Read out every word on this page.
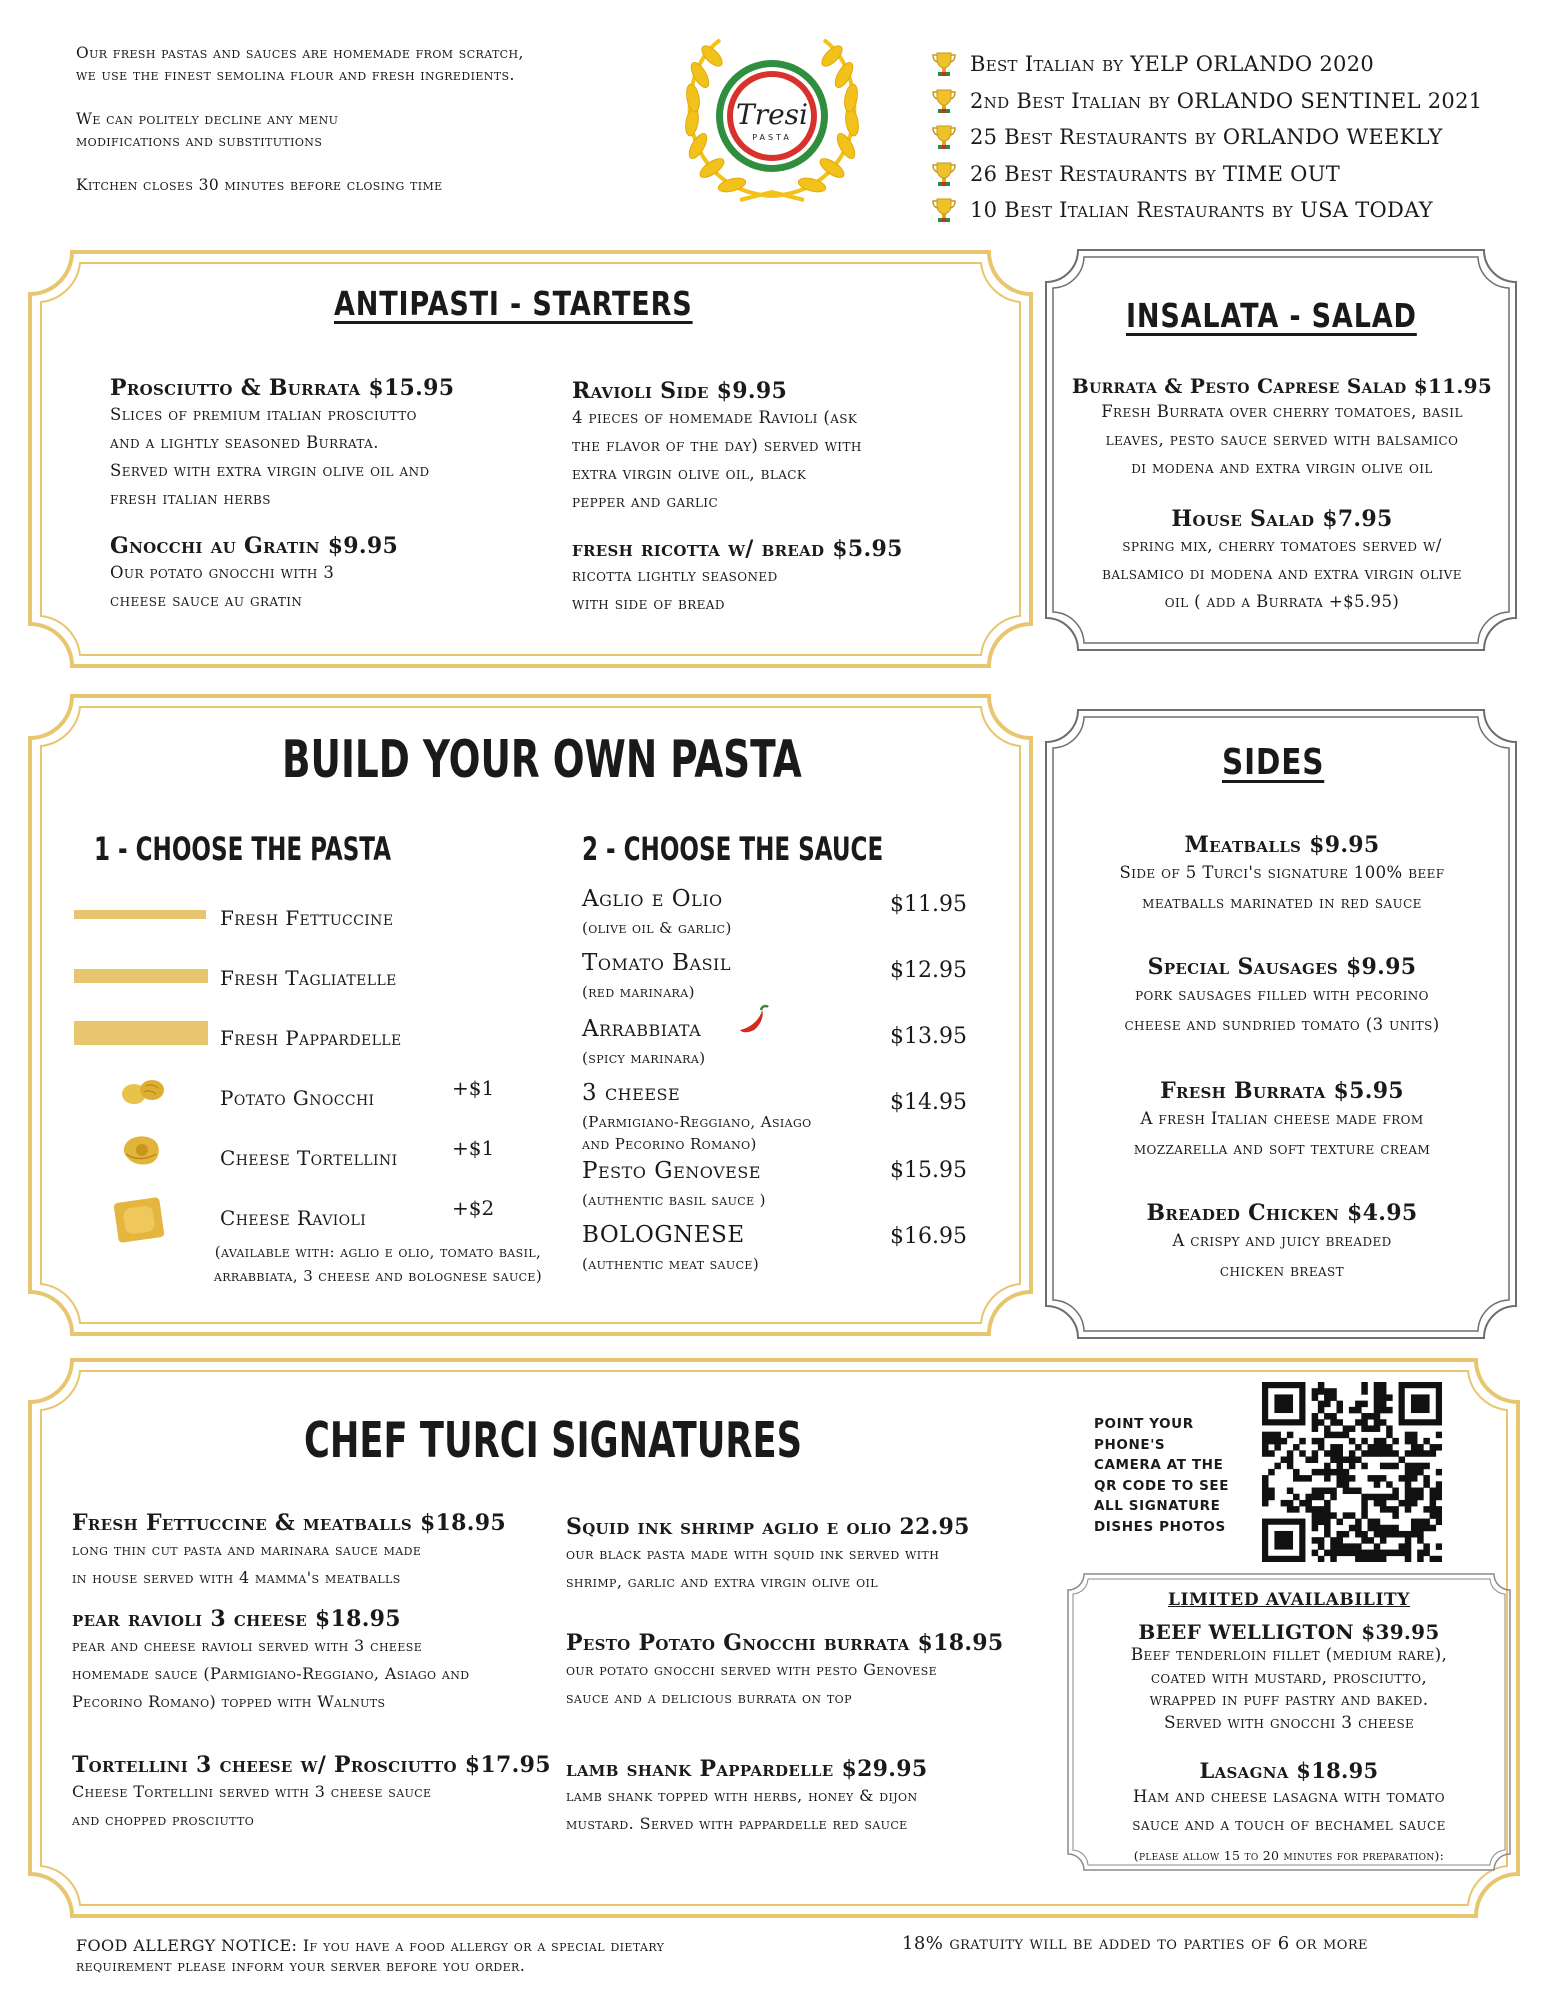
Our fresh pastas and sauces are homemade from scratch,
we use the finest semolina flour and fresh ingredients.
We can politely decline any menu
modifications and substitutions
Kitchen closes 30 minutes before closing time
Tresi
PASTA
Best Italian by YELP ORLANDO 2020
2nd Best Italian by ORLANDO SENTINEL 2021
25 Best Restaurants by ORLANDO WEEKLY
26 Best Restaurants by TIME OUT
10 Best Italian Restaurants by USA TODAY
ANTIPASTI - STARTERS
Prosciutto & Burrata $15.95
Slices of premium italian prosciutto
and a lightly seasoned Burrata.
Served with extra virgin olive oil and
fresh italian herbs
Gnocchi au Gratin $9.95
Our potato gnocchi with 3
cheese sauce au gratin
Ravioli Side $9.95
4 pieces of homemade Ravioli (ask
the flavor of the day) served with
extra virgin olive oil, black
pepper and garlic
fresh ricotta w/ bread $5.95
ricotta lightly seasoned
with side of bread
INSALATA - SALAD
Burrata & Pesto Caprese Salad $11.95
Fresh Burrata over cherry tomatoes, basil
leaves, pesto sauce served with balsamico
di modena and extra virgin olive oil
House Salad $7.95
spring mix, cherry tomatoes served w/
balsamico di modena and extra virgin olive
oil ( add a Burrata +$5.95)
BUILD YOUR OWN PASTA
1 - CHOOSE THE PASTA	2 - CHOOSE THE SAUCE
Fresh Fettuccine
Fresh Tagliatelle
Fresh Pappardelle
Potato Gnocchi	+$1
Cheese Tortellini	+$1
Cheese Ravioli	+$2
(available with: aglio e olio, tomato basil,
arrabbiata, 3 cheese and bolognese sauce)
Aglio e Olio
(olive oil & garlic)
$11.95
Tomato Basil
(red marinara)
$12.95
Arrabbiata
(spicy marinara)
$13.95
3 cheese
(Parmigiano-Reggiano, Asiago
and Pecorino Romano)
$14.95
Pesto Genovese
(authentic basil sauce )
$15.95
BOLOGNESE
(authentic meat sauce)
$16.95
SIDES
Meatballs $9.95
Side of 5 Turci's signature 100% beef
meatballs marinated in red sauce
Special Sausages $9.95
pork sausages filled with pecorino
cheese and sundried tomato (3 units)
Fresh Burrata $5.95
A fresh Italian cheese made from
mozzarella and soft texture cream
Breaded Chicken $4.95
A crispy and juicy breaded
chicken breast
CHEF TURCI SIGNATURES
Fresh Fettuccine & meatballs $18.95
long thin cut pasta and marinara sauce made
in house served with 4 mamma's meatballs
pear ravioli 3 cheese $18.95
pear and cheese ravioli served with 3 cheese
homemade sauce (Parmigiano-Reggiano, Asiago and
Pecorino Romano) topped with Walnuts
Tortellini 3 cheese w/ Prosciutto $17.95
Cheese Tortellini served with 3 cheese sauce
and chopped prosciutto
Squid ink shrimp aglio e olio 22.95
our black pasta made with squid ink served with
shrimp, garlic and extra virgin olive oil
Pesto Potato Gnocchi burrata $18.95
our potato gnocchi served with pesto Genovese
sauce and a delicious burrata on top
lamb shank Pappardelle $29.95
lamb shank topped with herbs, honey & dijon
mustard. Served with pappardelle red sauce
POINT YOUR
PHONE'S
CAMERA AT THE
QR CODE TO SEE
ALL SIGNATURE
DISHES PHOTOS
LIMITED AVAILABILITY
BEEF WELLIGTON $39.95
Beef tenderloin fillet (medium rare),
coated with mustard, prosciutto,
wrapped in puff pastry and baked.
Served with gnocchi 3 cheese
Lasagna $18.95
Ham and cheese lasagna with tomato
sauce and a touch of bechamel sauce
(please allow 15 to 20 minutes for preparation):
FOOD ALLERGY NOTICE: If you have a food allergy or a special dietary
requirement please inform your server before you order.
18% gratuity will be added to parties of 6 or more
